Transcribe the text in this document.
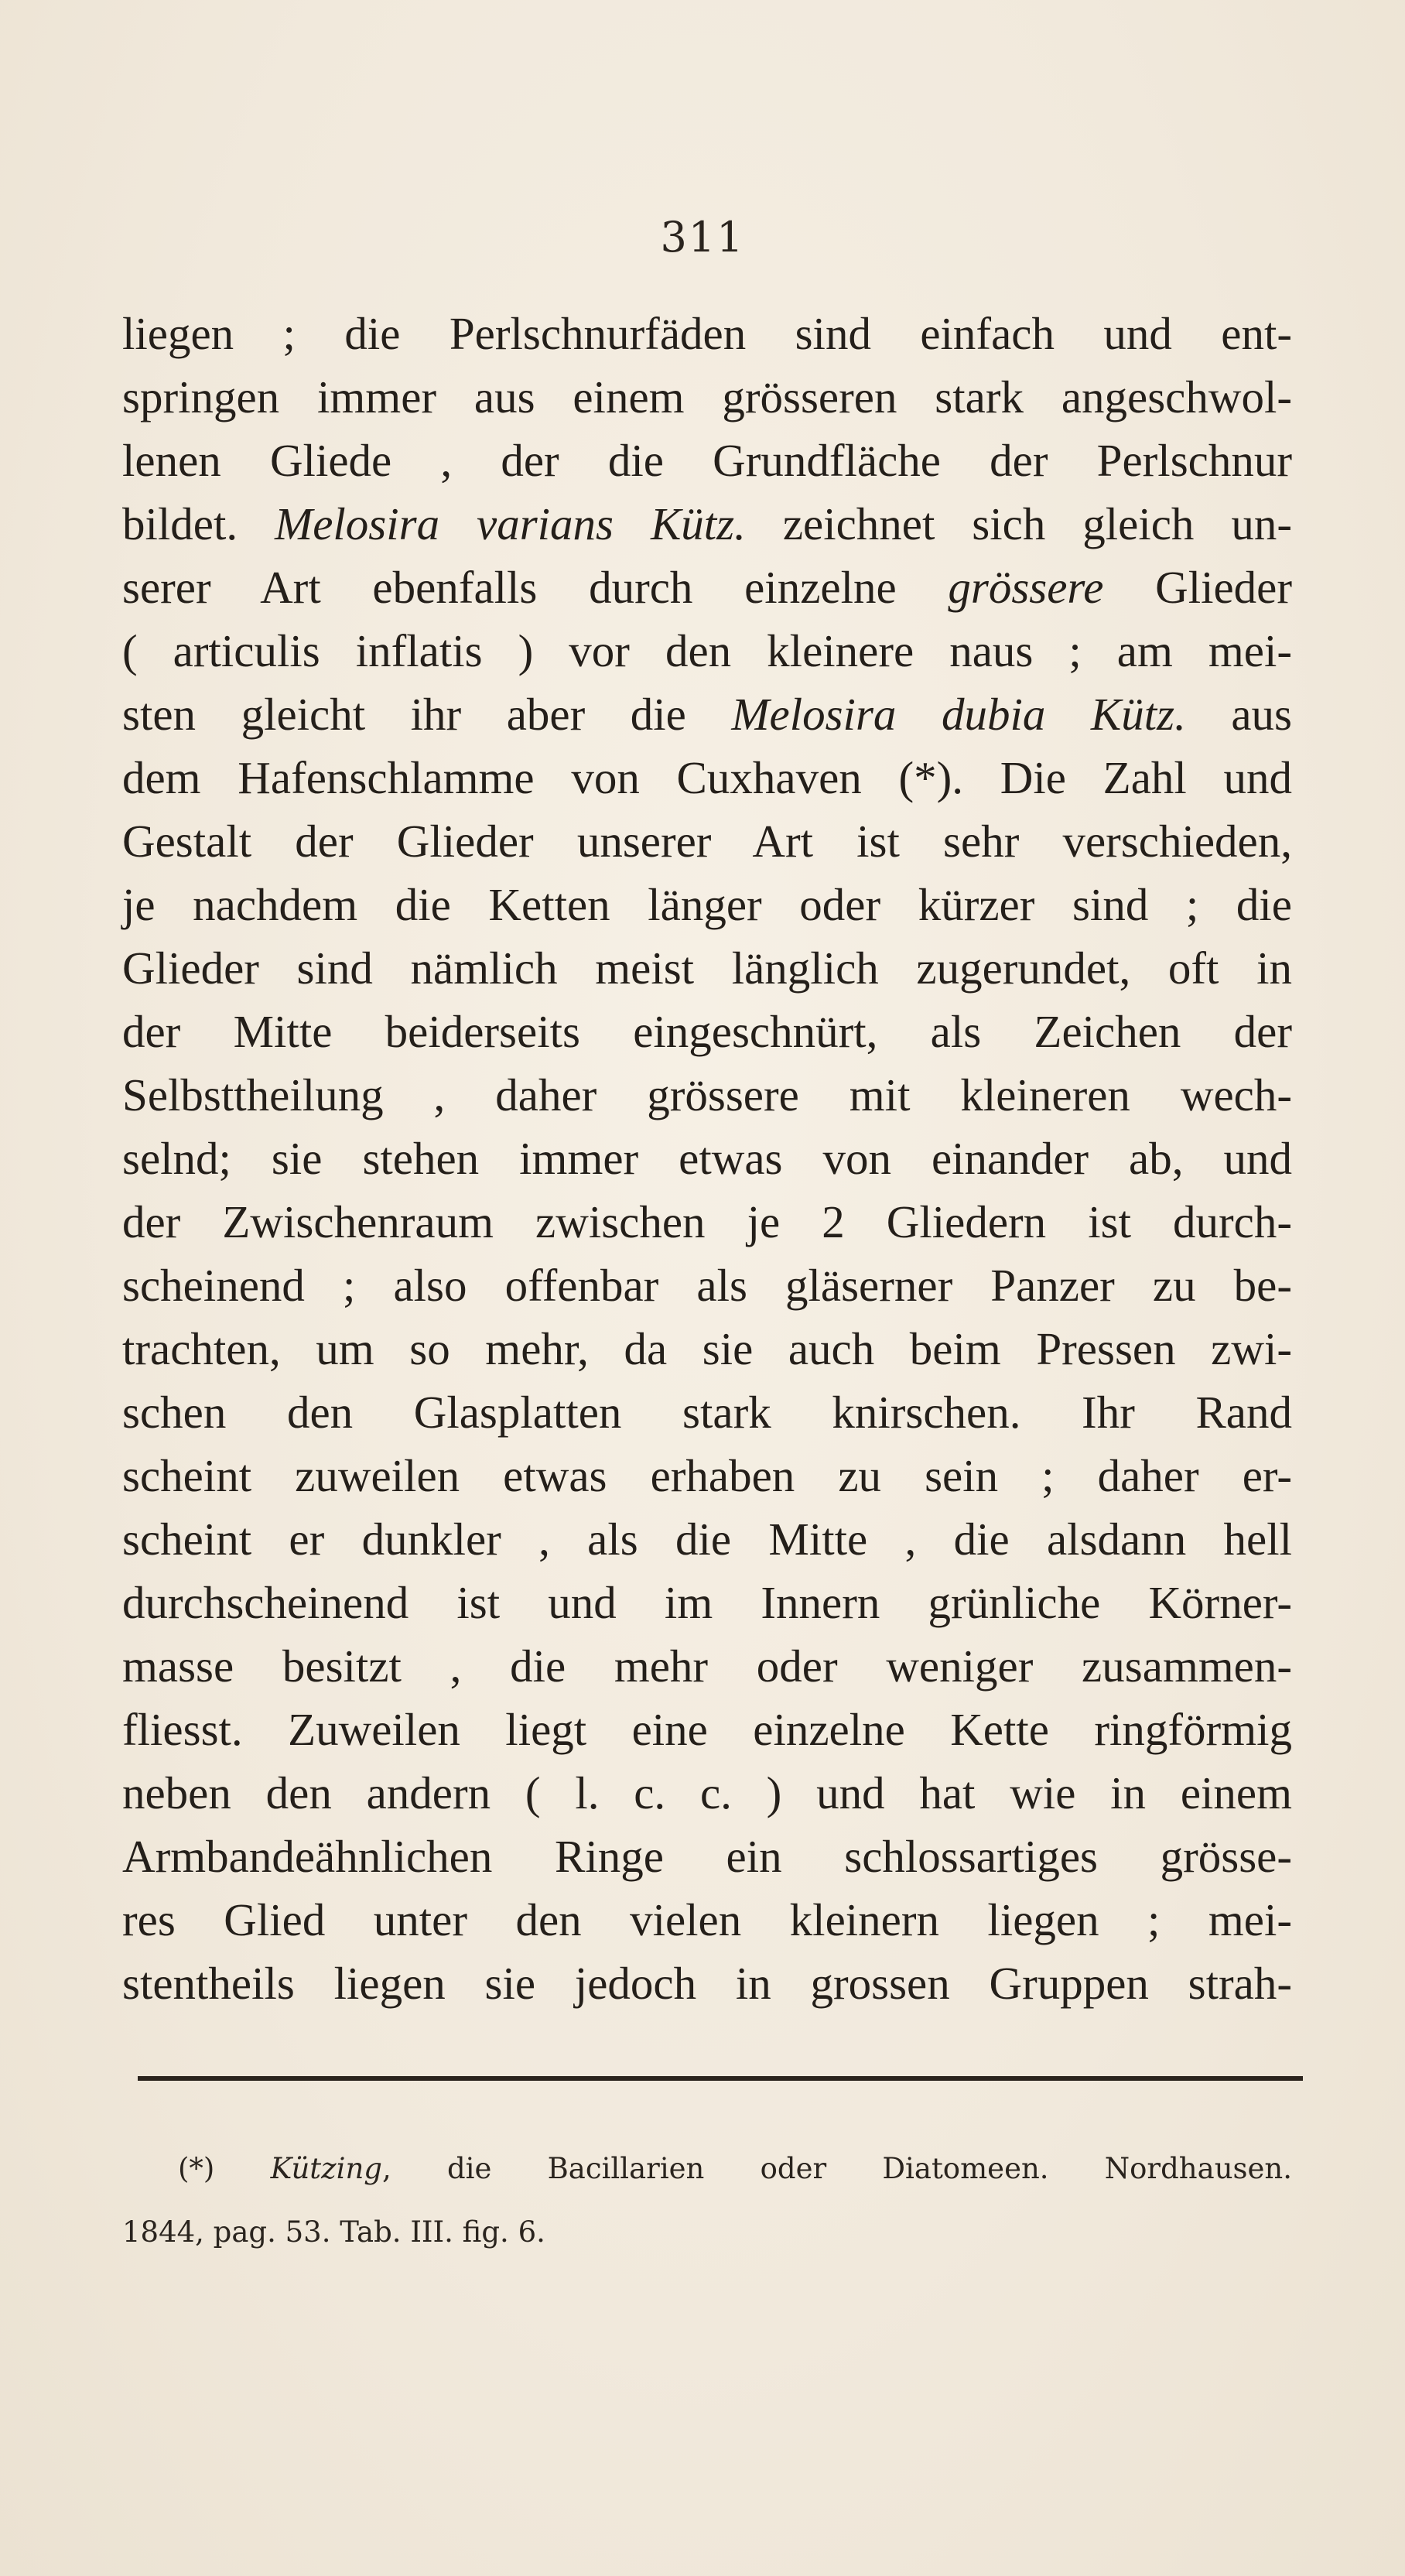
311
liegen ; die Perlschnurfäden sind einfach und ent-
springen immer aus einem grösseren stark angeschwol-
lenen Gliede , der die Grundfläche der Perlschnur
bildet. Melosira varians Kütz. zeichnet sich gleich un-
serer Art ebenfalls durch einzelne grössere Glieder
( articulis inflatis ) vor den kleinere naus ; am mei-
sten gleicht ihr aber die Melosira dubia Kütz. aus
dem Hafenschlamme von Cuxhaven (*). Die Zahl und
Gestalt der Glieder unserer Art ist sehr verschieden,
je nachdem die Ketten länger oder kürzer sind ; die
Glieder sind nämlich meist länglich zugerundet, oft in
der Mitte beiderseits eingeschnürt, als Zeichen der
Selbsttheilung , daher grössere mit kleineren wech-
selnd; sie stehen immer etwas von einander ab, und
der Zwischenraum zwischen je 2 Gliedern ist durch-
scheinend ; also offenbar als gläserner Panzer zu be-
trachten, um so mehr, da sie auch beim Pressen zwi-
schen den Glasplatten stark knirschen. Ihr Rand
scheint zuweilen etwas erhaben zu sein ; daher er-
scheint er dunkler , als die Mitte , die alsdann hell
durchscheinend ist und im Innern grünliche Körner-
masse besitzt , die mehr oder weniger zusammen-
fliesst. Zuweilen liegt eine einzelne Kette ringförmig
neben den andern ( l. c. c. ) und hat wie in einem
Armbandeähnlichen Ringe ein schlossartiges grösse-
res Glied unter den vielen kleinern liegen ; mei-
stentheils liegen sie jedoch in grossen Gruppen strah-
(*) Kützing, die Bacillarien oder Diatomeen. Nordhausen.
1844, pag. 53. Tab. III. fig. 6.
